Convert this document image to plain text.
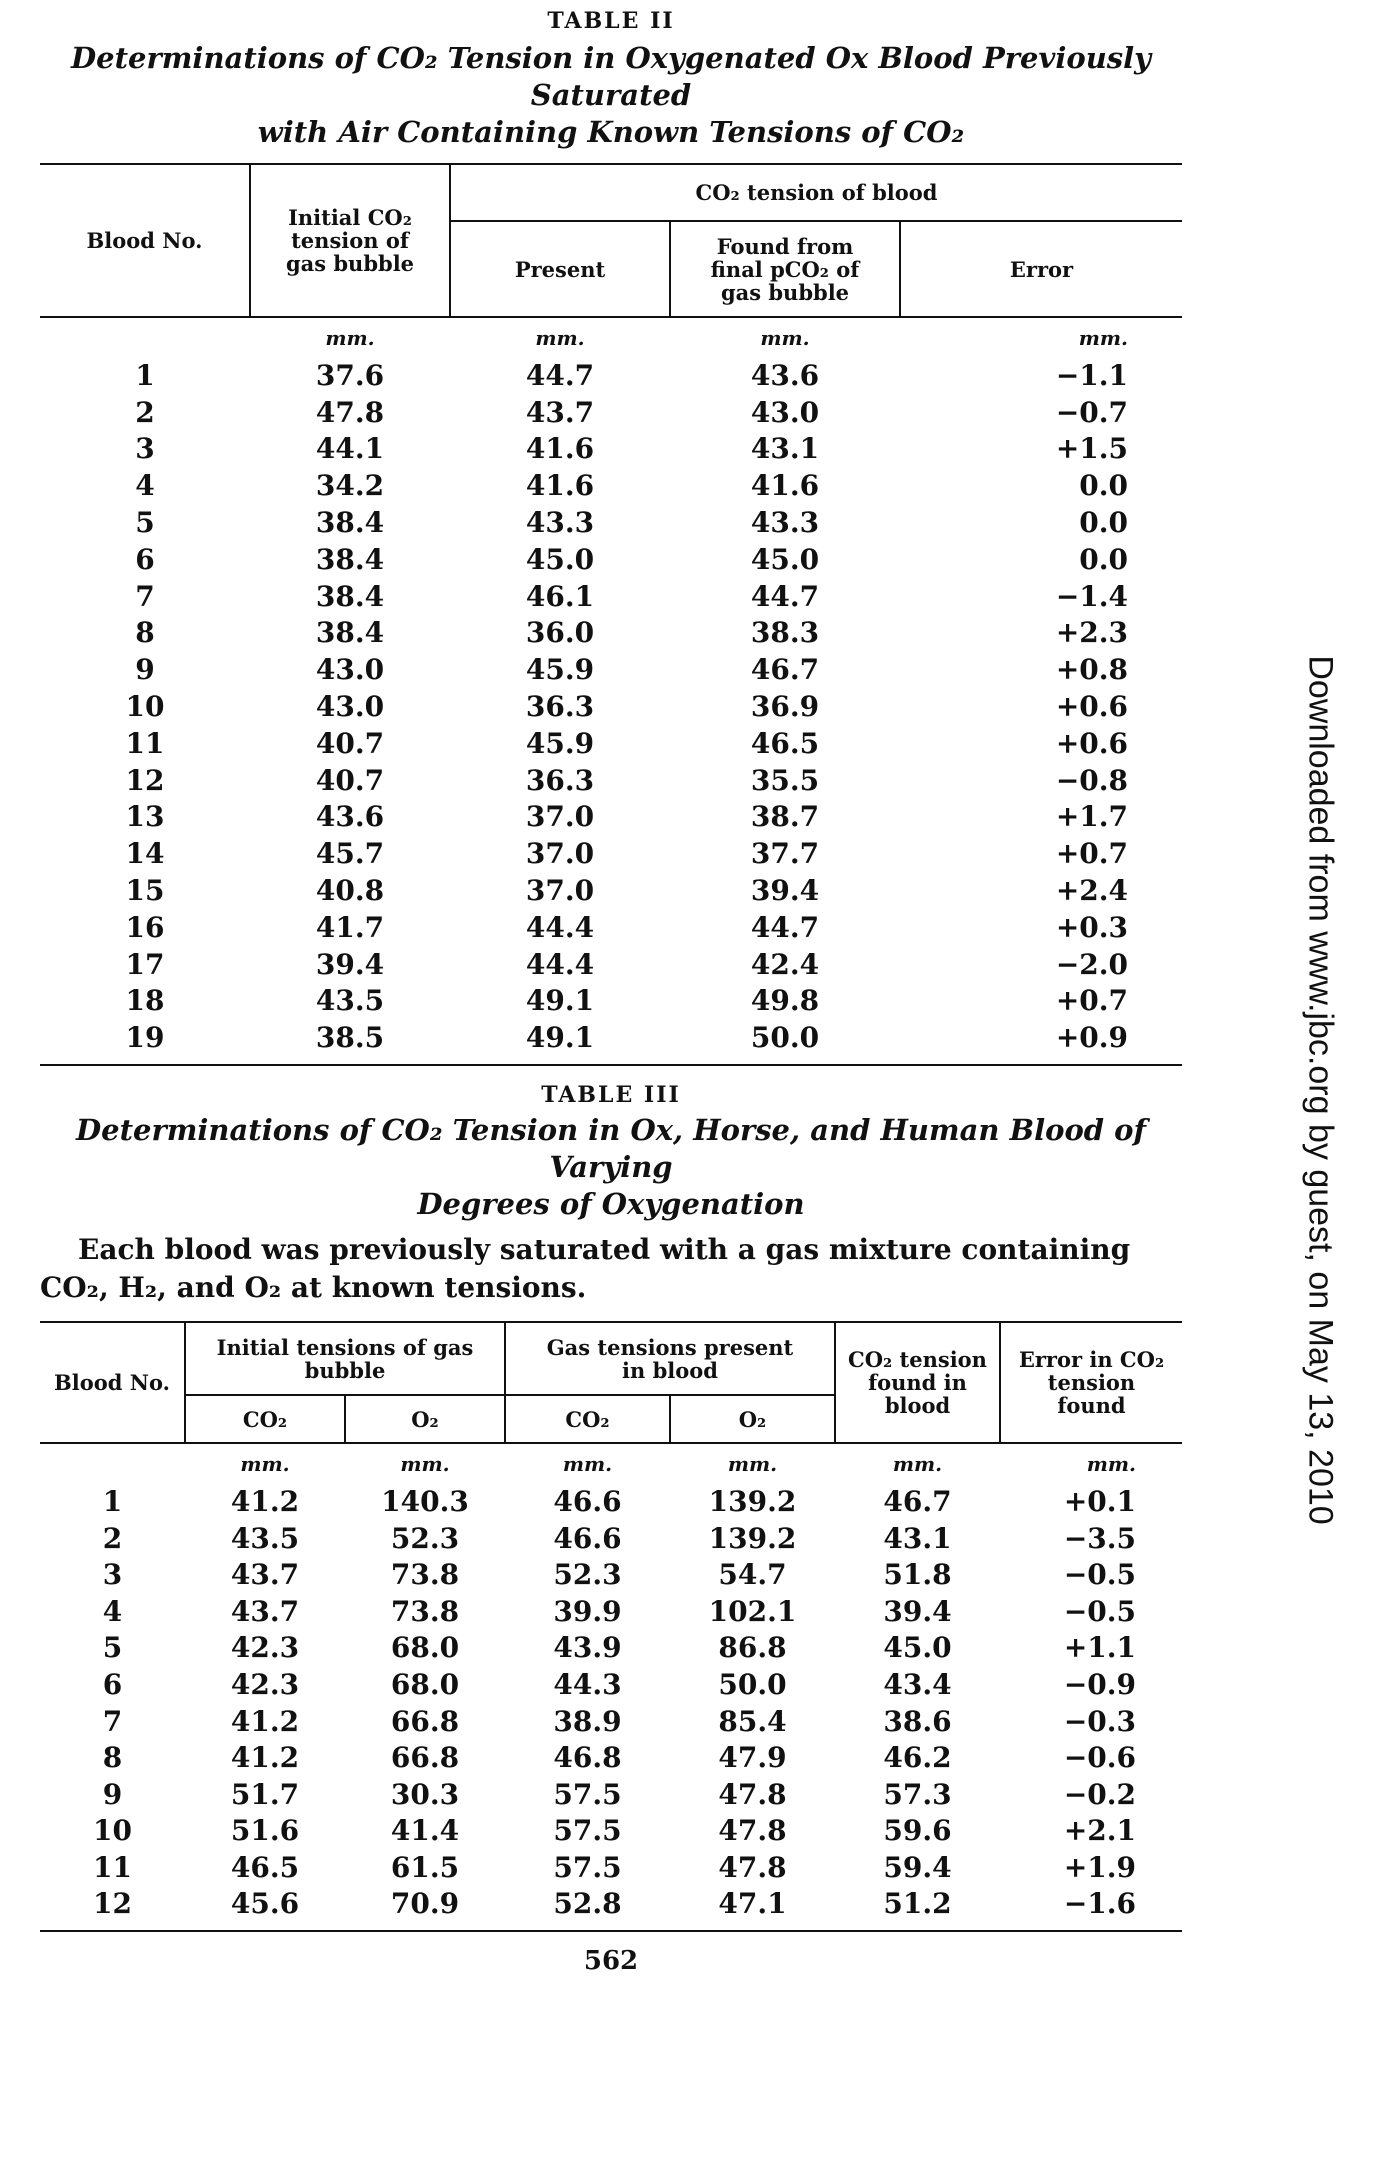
TABLE II
Determinations of CO₂ Tension in Oxygenated Ox Blood Previously Saturated
with Air Containing Known Tensions of CO₂
Blood No.	Initial CO₂ tension of gas bubble	CO₂ tension of blood		
		Present	Found from final pCO₂ of gas bubble	Error
	mm.	mm.	mm.	mm.
1	37.6	44.7	43.6	−1.1
2	47.8	43.7	43.0	−0.7
3	44.1	41.6	43.1	+1.5
4	34.2	41.6	41.6	0.0
5	38.4	43.3	43.3	0.0
6	38.4	45.0	45.0	0.0
7	38.4	46.1	44.7	−1.4
8	38.4	36.0	38.3	+2.3
9	43.0	45.9	46.7	+0.8
10	43.0	36.3	36.9	+0.6
11	40.7	45.9	46.5	+0.6
12	40.7	36.3	35.5	−0.8
13	43.6	37.0	38.7	+1.7
14	45.7	37.0	37.7	+0.7
15	40.8	37.0	39.4	+2.4
16	41.7	44.4	44.7	+0.3
17	39.4	44.4	42.4	−2.0
18	43.5	49.1	49.8	+0.7
19	38.5	49.1	50.0	+0.9
TABLE III
Determinations of CO₂ Tension in Ox, Horse, and Human Blood of Varying
Degrees of Oxygenation
Each blood was previously saturated with a gas mixture containing CO₂, H₂, and O₂ at known tensions.
Blood No.	Initial tensions of gas bubble		Gas tensions present in blood		CO₂ tension found in blood	Error in CO₂ tension found

	CO₂	O₂	CO₂	O₂		
	mm.	mm.	mm.	mm.	mm.	mm.
1	41.2	140.3	46.6	139.2	46.7	+0.1
2	43.5	52.3	46.6	139.2	43.1	−3.5
3	43.7	73.8	52.3	54.7	51.8	−0.5
4	43.7	73.8	39.9	102.1	39.4	−0.5
5	42.3	68.0	43.9	86.8	45.0	+1.1
6	42.3	68.0	44.3	50.0	43.4	−0.9
7	41.2	66.8	38.9	85.4	38.6	−0.3
8	41.2	66.8	46.8	47.9	46.2	−0.6
9	51.7	30.3	57.5	47.8	57.3	−0.2
10	51.6	41.4	57.5	47.8	59.6	+2.1
11	46.5	61.5	57.5	47.8	59.4	+1.9
12	45.6	70.9	52.8	47.1	51.2	−1.6
562
Downloaded from www.jbc.org by guest, on May 13, 2010
